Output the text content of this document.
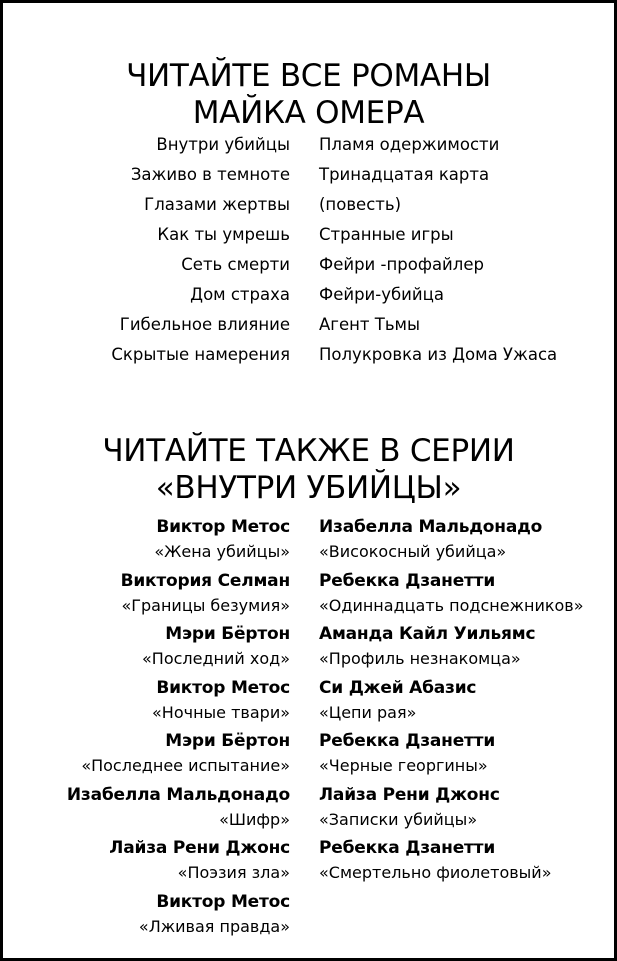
ЧИТАЙТЕ ВСЕ РОМАНЫ
МАЙКА ОМЕРА
Внутри убийцы Пламя одержимости
Заживо в темноте Тринадцатая карта
Глазами жертвы (повесть)
Как ты умрешь Странные игры
Сеть смерти Фейри -профайлер
Дом страха Фейри-убийца
Гибельное влияние Агент Тьмы
Скрытые намерения Полукровка из Дома Ужаса
ЧИТАЙТЕ ТАКЖЕ В СЕРИИ
«ВНУТРИ УБИЙЦЫ»
Виктор Метос
«Жена убийцы»
Виктория Селман
«Границы безумия»
Мэри Бёртон
«Последний ход»
Виктор Метос
«Ночные твари»
Мэри Бёртон
«Последнее испытание»
Изабелла Мальдонадо
«Шифр»
Лайза Рени Джонс
«Поэзия зла»
Виктор Метос
«Лживая правда»
Изабелла Мальдонадо
«Високосный убийца»
Ребекка Дзанетти
«Одиннадцать подснежников»
Аманда Кайл Уильямс
«Профиль незнакомца»
Си Джей Абазис
«Цепи рая»
Ребекка Дзанетти
«Черные георгины»
Лайза Рени Джонс
«Записки убийцы»
Ребекка Дзанетти
«Смертельно фиолетовый»
